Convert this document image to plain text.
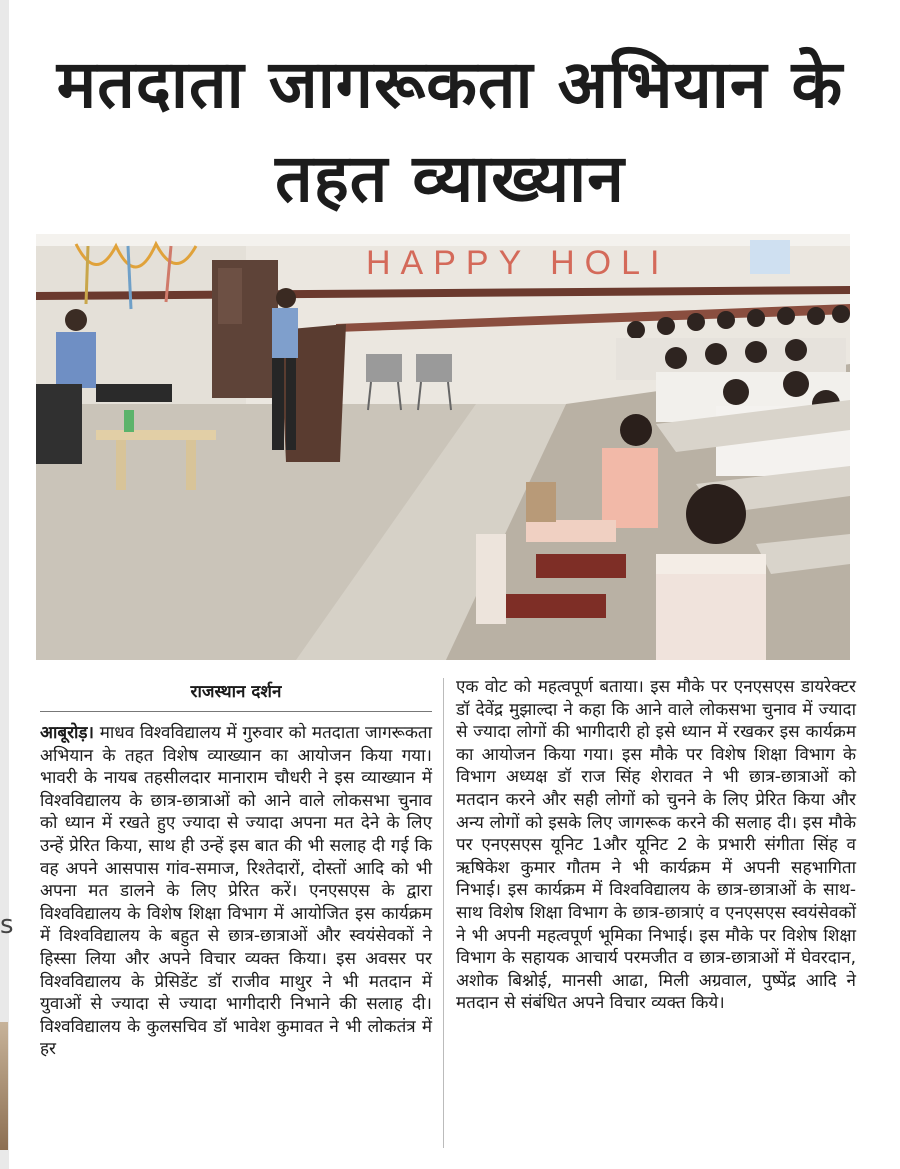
s
मतदाता जागरूकता अभियान के तहत व्याख्यान
HAPPY HOLI

राजस्थान दर्शन

आबूरोड़। माधव विश्वविद्यालय में गुरुवार को मतदाता जागरूकता अभियान के तहत विशेष व्याख्यान का आयोजन किया गया। भावरी के नायब तहसीलदार मानाराम चौधरी ने इस व्याख्यान में विश्वविद्यालय के छात्र-छात्राओं को आने वाले लोकसभा चुनाव को ध्यान में रखते हुए ज्यादा से ज्यादा अपना मत देने के लिए उन्हें प्रेरित किया, साथ ही उन्हें इस बात की भी सलाह दी गई कि वह अपने आसपास गांव-समाज, रिश्तेदारों, दोस्तों आदि को भी अपना मत डालने के लिए प्रेरित करें। एनएसएस के द्वारा विश्वविद्यालय के विशेष शिक्षा विभाग में आयोजित इस कार्यक्रम में विश्वविद्यालय के बहुत से छात्र-छात्राओं और स्वयंसेवकों ने हिस्सा लिया और अपने विचार व्यक्त किया। इस अवसर पर विश्वविद्यालय के प्रेसिडेंट डॉ राजीव माथुर ने भी मतदान में युवाओं से ज्यादा से ज्यादा भागीदारी निभाने की सलाह दी। विश्वविद्यालय के कुलसचिव डॉ भावेश कुमावत ने भी लोकतंत्र में हर

एक वोट को महत्वपूर्ण बताया। इस मौके पर एनएसएस डायरेक्टर डॉ देवेंद्र मुझाल्दा ने कहा कि आने वाले लोकसभा चुनाव में ज्यादा से ज्यादा लोगों की भागीदारी हो इसे ध्यान में रखकर इस कार्यक्रम का आयोजन किया गया। इस मौके पर विशेष शिक्षा विभाग के विभाग अध्यक्ष डॉ राज सिंह शेरावत ने भी छात्र-छात्राओं को मतदान करने और सही लोगों को चुनने के लिए प्रेरित किया और अन्य लोगों को इसके लिए जागरूक करने की सलाह दी। इस मौके पर एनएसएस यूनिट 1और यूनिट 2 के प्रभारी संगीता सिंह व ऋषिकेश कुमार गौतम ने भी कार्यक्रम में अपनी सहभागिता निभाई। इस कार्यक्रम में विश्वविद्यालय के छात्र-छात्राओं के साथ-साथ विशेष शिक्षा विभाग के छात्र-छात्राएं व एनएसएस स्वयंसेवकों ने भी अपनी महत्वपूर्ण भूमिका निभाई। इस मौके पर विशेष शिक्षा विभाग के सहायक आचार्य परमजीत व छात्र-छात्राओं में घेवरदान, अशोक बिश्नोई, मानसी आढा, मिली अग्रवाल, पुष्पेंद्र आदि ने मतदान से संबंधित अपने विचार व्यक्त किये।
